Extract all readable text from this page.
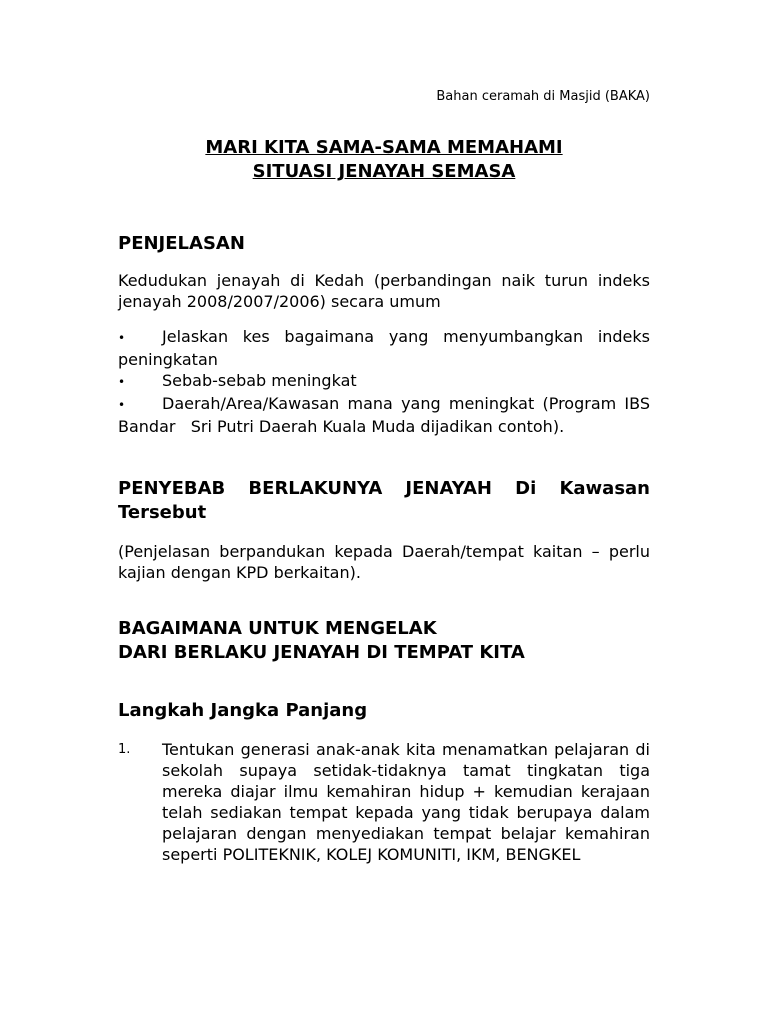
Bahan ceramah di Masjid (BAKA)

MARI KITA SAMA-SAMA MEMAHAMI
SITUASI JENAYAH SEMASA
PENJELASAN

Kedudukan jenayah di Kedah (perbandingan naik turun indeks jenayah 2008/2007/2006) secara umum

• Jelaskan kes bagaimana yang menyumbangkan indeks peningkatan
• Sebab-sebab meningkat
• Daerah/Area/Kawasan mana yang meningkat (Program IBS Bandar   Sri Putri Daerah Kuala Muda dijadikan contoh).
PENYEBAB BERLAKUNYA JENAYAH Di Kawasan Tersebut

(Penjelasan berpandukan kepada Daerah/tempat kaitan – perlu kajian dengan KPD berkaitan).

BAGAIMANA UNTUK MENGELAK
DARI BERLAKU JENAYAH DI TEMPAT KITA
Langkah Jangka Panjang
1.	Tentukan generasi anak-anak kita menamatkan pelajaran di sekolah supaya setidak-tidaknya tamat tingkatan tiga mereka diajar ilmu kemahiran hidup + kemudian kerajaan telah sediakan tempat kepada yang tidak berupaya dalam pelajaran dengan menyediakan tempat belajar kemahiran seperti POLITEKNIK, KOLEJ KOMUNITI, IKM, BENGKEL
